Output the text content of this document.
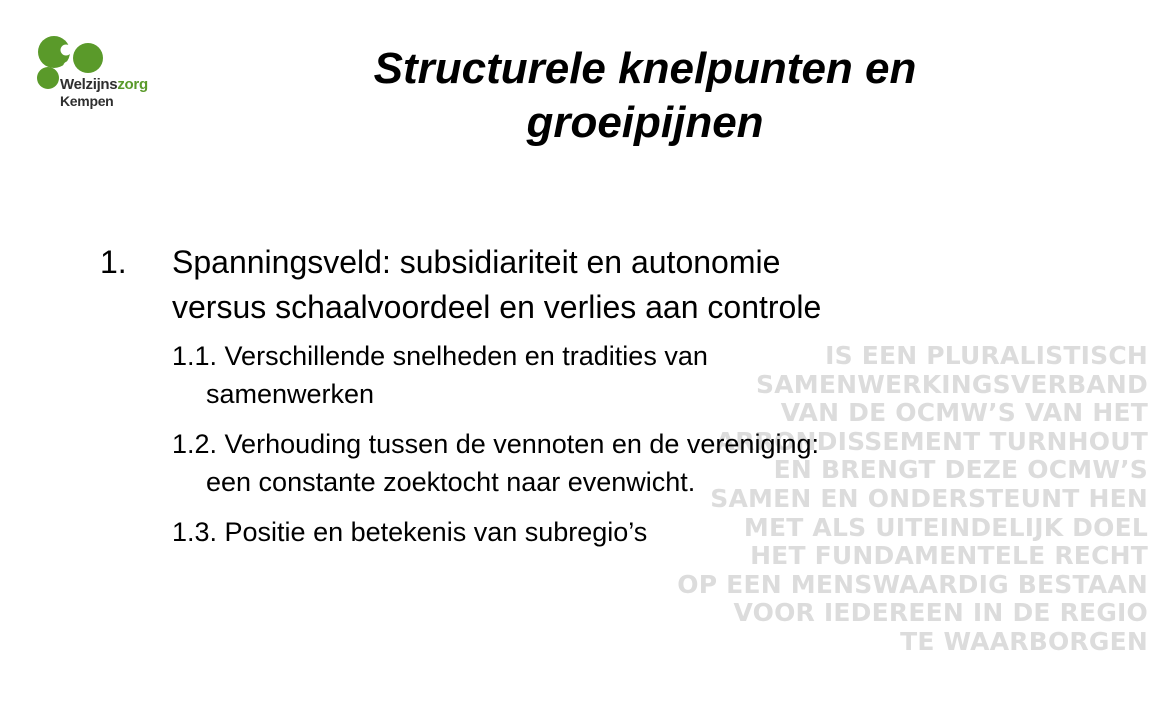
IS EEN PLURALISTISCH
SAMENWERKINGSVERBAND
VAN DE OCMW’S VAN HET
ARRONDISSEMENT TURNHOUT
EN BRENGT DEZE OCMW’S
SAMEN EN ONDERSTEUNT HEN
MET ALS UITEINDELIJK DOEL
HET FUNDAMENTELE RECHT
OP EEN MENSWAARDIG BESTAAN
VOOR IEDEREEN IN DE REGIO
TE WAARBORGEN
Welzijnszorg
Kempen
Structurele knelpunten en
groeipijnen
1. Spanningsveld: subsidiariteit en autonomie
versus schaalvoordeel en verlies aan controle
1.1. Verschillende snelheden en tradities van
samenwerken
1.2. Verhouding tussen de vennoten en de vereniging:
een constante zoektocht naar evenwicht.
1.3. Positie en betekenis van subregio’s
